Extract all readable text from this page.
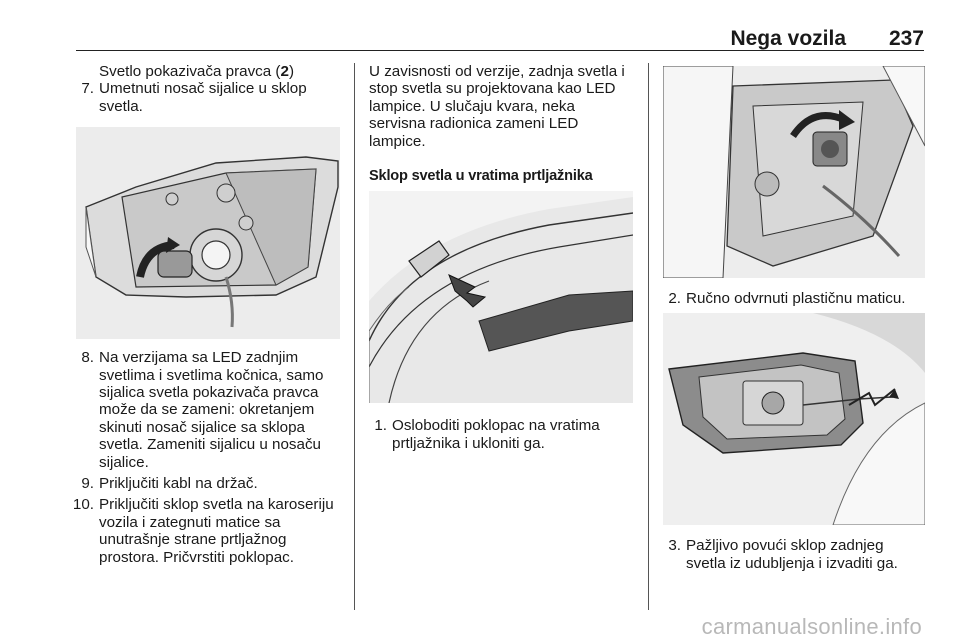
Nega vozila 237
Svetlo pokazivača pravca (2)
7. Umetnuti nosač sijalice u sklop svetla.
8. Na verzijama sa LED zadnjim svetlima i svetlima kočnica, samo sijalica svetla pokazivača pravca može da se zameni: okretanjem skinuti nosač sijalice sa sklopa svetla. Zameniti sijalicu u nosaču sijalice.
9. Priključiti kabl na držač.
10. Priključiti sklop svetla na karoseriju vozila i zategnuti matice sa unutrašnje strane prtljažnog prostora. Pričvrstiti poklopac.

U zavisnosti od verzije, zadnja svetla i stop svetla su projektovana kao LED lampice. U slučaju kvara, neka servisna radionica zameni LED lampice.

Sklop svetla u vratima prtljažnika
1. Osloboditi poklopac na vratima prtljažnika i ukloniti ga.
2. Ručno odvrnuti plastičnu maticu.
3. Pažljivo povući sklop zadnjeg svetla iz udubljenja i izvaditi ga.
carmanualsonline.info
